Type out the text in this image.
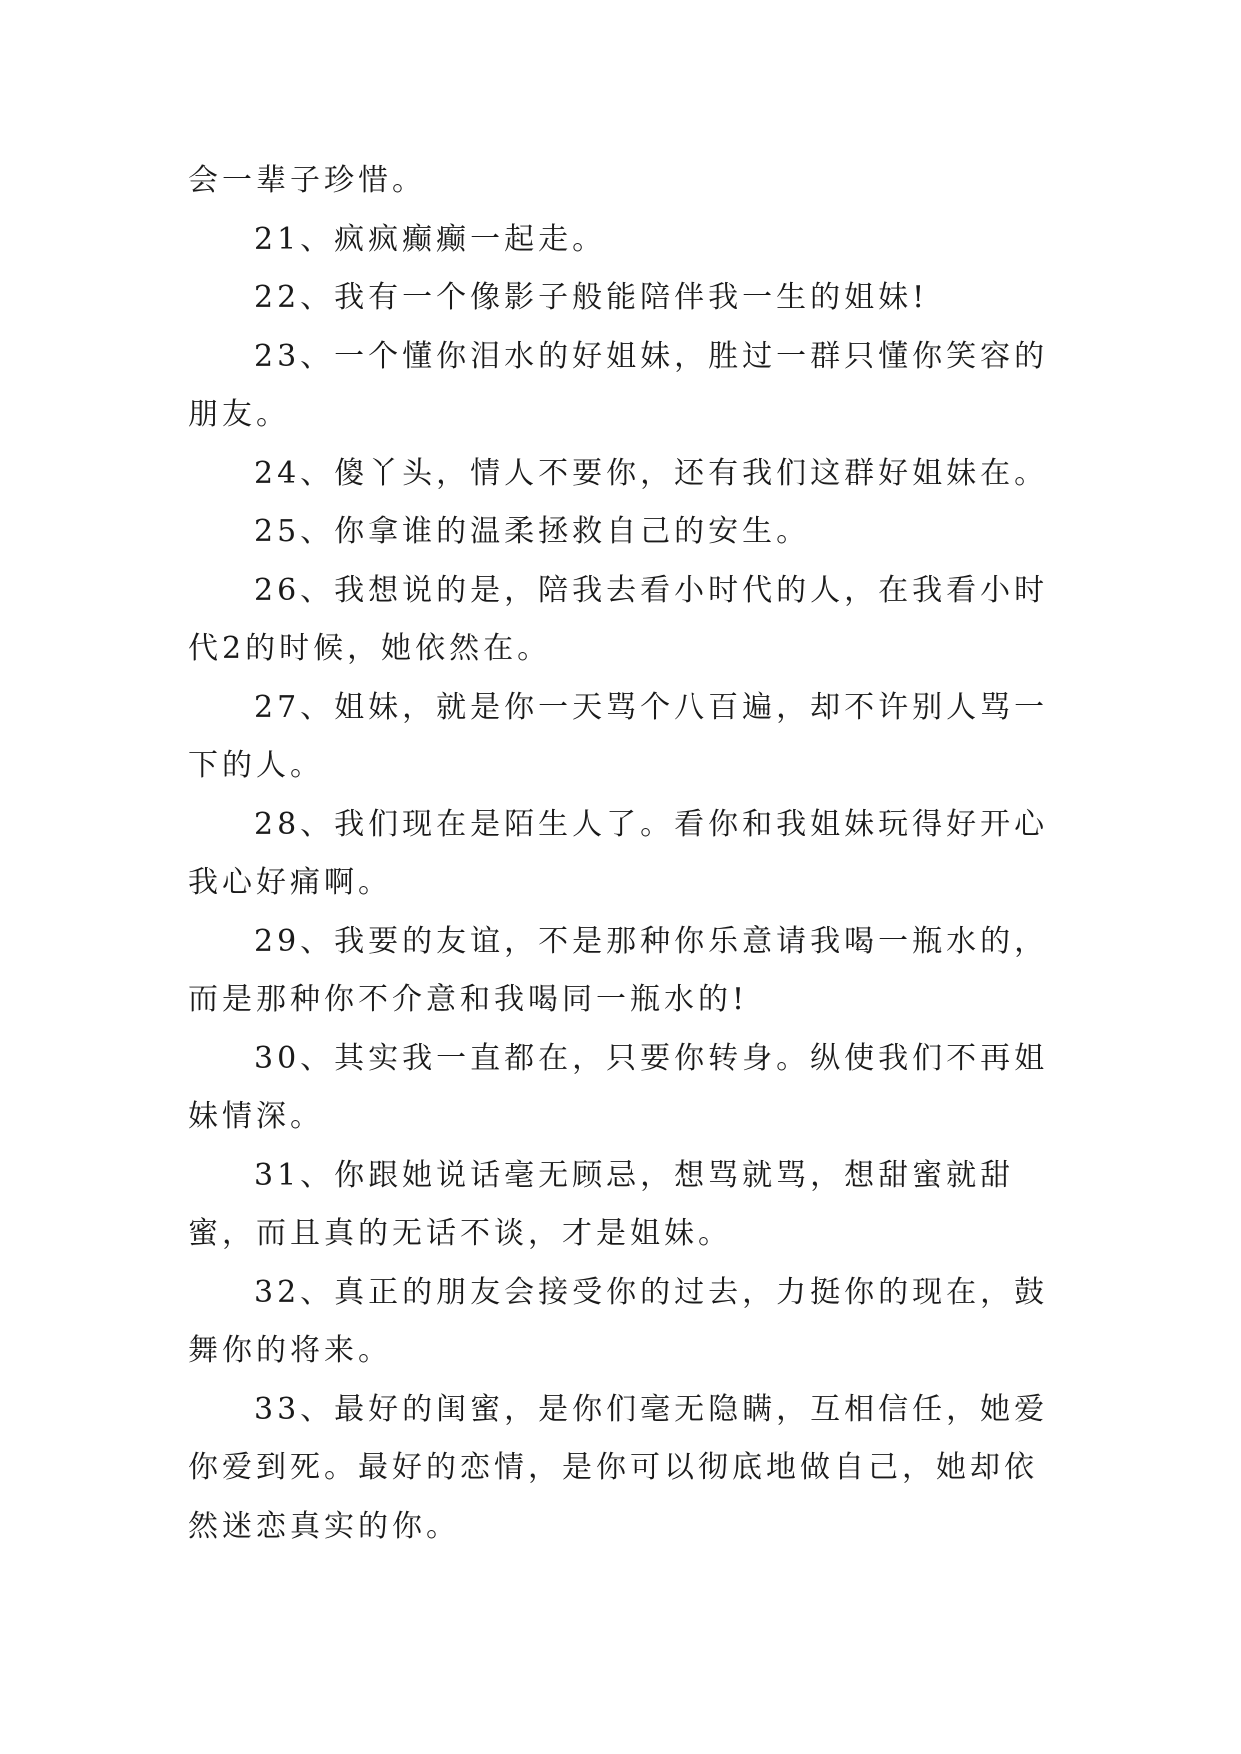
会一辈子珍惜。

21、疯疯癫癫一起走。

22、我有一个像影子般能陪伴我一生的姐妹!

23、一个懂你泪水的好姐妹，胜过一群只懂你笑容的朋友。

24、傻丫头，情人不要你，还有我们这群好姐妹在。

25、你拿谁的温柔拯救自己的安生。

26、我想说的是，陪我去看小时代的人，在我看小时代2的时候，她依然在。

27、姐妹，就是你一天骂个八百遍，却不许别人骂一下的人。

28、我们现在是陌生人了。看你和我姐妹玩得好开心我心好痛啊。

29、我要的友谊，不是那种你乐意请我喝一瓶水的，而是那种你不介意和我喝同一瓶水的!

30、其实我一直都在，只要你转身。纵使我们不再姐妹情深。

31、你跟她说话毫无顾忌，想骂就骂，想甜蜜就甜蜜，而且真的无话不谈，才是姐妹。

32、真正的朋友会接受你的过去，力挺你的现在，鼓舞你的将来。

33、最好的闺蜜，是你们毫无隐瞒，互相信任，她爱你爱到死。最好的恋情，是你可以彻底地做自己，她却依然迷恋真实的你。
